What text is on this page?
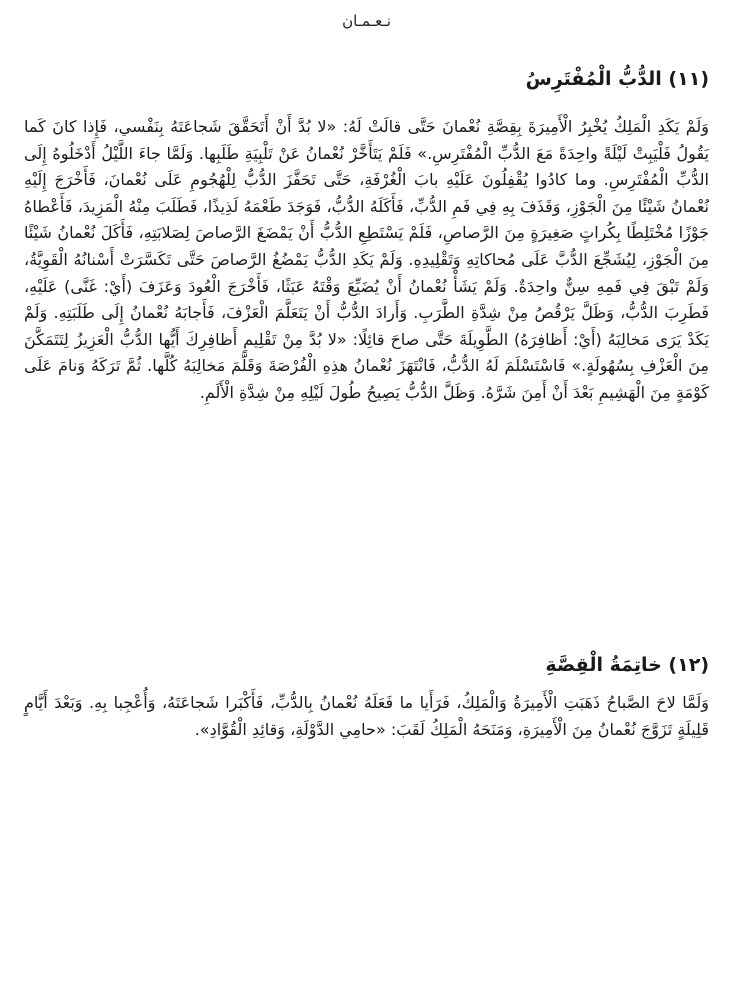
نـعـمـان
(١١) الدُّبُّ الْمُفْتَرِسُ

وَلَمْ يَكَدِ الْمَلِكُ يُخْبِرُ الْأَمِيرَةَ بِقِصَّةِ نُعْمانَ حَتَّى قالَتْ لَهُ: «لا بُدَّ أَنْ أَتَحَقَّقَ شَجاعَتَهُ بِنَفْسي، فَإِذا كانَ كَما يَقُولُ فَلْيَبِتْ لَيْلَةً واحِدَةً مَعَ الدُّبِّ الْمُفْتَرِسِ.» فَلَمْ يَتَأَخَّرْ نُعْمانُ عَنْ تَلْبِيَةِ طَلَبِها. وَلَمَّا جاءَ اللَّيْلُ أَدْخَلُوهُ إِلَى الدُّبِّ الْمُفْتَرِسِ. وما كادُوا يُقْفِلُونَ عَلَيْهِ بابَ الْغُرْفَةِ، حَتَّى تَحَفَّزَ الدُّبُّ لِلْهُجُومِ عَلَى نُعْمانَ، فَأَخْرَجَ إِلَيْهِ نُعْمانُ شَيْئًا مِنَ الْجَوْزِ، وَقَذَفَ بِهِ فِي فَمِ الدُّبِّ، فَأَكَلَهُ الدُّبُّ، فَوَجَدَ طَعْمَهُ لَذِيذًا، فَطَلَبَ مِنْهُ الْمَزِيدَ، فَأَعْطاهُ جَوْزًا مُخْتَلِطًا بِكُراتٍ صَغِيرَةٍ مِنَ الرَّصاصِ، فَلَمْ يَسْتَطِعِ الدُّبُّ أَنْ يَمْضَغَ الرَّصاصَ لِصَلابَتِهِ، فَأَكَلَ نُعْمانُ شَيْئًا مِنَ الْجَوْزِ، لِيُشَجِّعَ الدُّبَّ عَلَى مُحاكاتِهِ وَتَقْلِيدِهِ. وَلَمْ يَكَدِ الدُّبُّ يَمْضُغُ الرَّصاصَ حَتَّى تَكَسَّرَتْ أَسْنانُهُ الْقَوِيَّةُ، وَلَمْ تَبْقَ فِي فَمِهِ سِنٌّ واحِدَةٌ. وَلَمْ يَشَأْ نُعْمانُ أَنْ يُضَيِّعَ وَقْتَهُ عَبَثًا، فَأَخْرَجَ الْعُودَ وَعَزَفَ (أَيْ: غَنَّى) عَلَيْهِ، فَطَرِبَ الدُّبُّ، وَظَلَّ يَرْقُصُ مِنْ شِدَّةِ الطَّرَبِ. وَأَرادَ الدُّبُّ أَنْ يَتَعَلَّمَ الْعَزْفَ، فَأَجابَهُ نُعْمانُ إِلَى طَلَبَتِهِ. وَلَمْ يَكَدْ يَرَى مَخالِبَهُ (أَيْ: أَظافِرَهُ) الطَّوِيلَةَ حَتَّى صاحَ قائِلًا: «لا بُدَّ مِنْ تَقْلِيمِ أَظافِرِكَ أَيُّها الدُّبُّ الْعَزِيزُ لِتَتَمَكَّنَ مِنَ الْعَزْفِ بِسُهُولَةٍ.» فَاسْتَسْلَمَ لَهُ الدُّبُّ، فَانْتَهَزَ نُعْمانُ هذِهِ الْفُرْصَةَ وَقَلَّمَ مَخالِبَهُ كُلَّها. ثُمَّ تَرَكَهُ وَنامَ عَلَى كَوْمَةٍ مِنَ الْهَشِيمِ بَعْدَ أَنْ أَمِنَ شَرَّهُ. وَظَلَّ الدُّبُّ يَصِيحُ طُولَ لَيْلِهِ مِنْ شِدَّةِ الْأَلَمِ.

(١٢) خاتِمَةُ الْقِصَّةِ

وَلَمَّا لاحَ الصَّباحُ ذَهَبَتِ الْأَمِيرَةُ وَالْمَلِكُ، فَرَأَيا ما فَعَلَهُ نُعْمانُ بِالدُّبِّ، فَأَكْبَرا شَجاعَتَهُ، وَأُعْجِبا بِهِ. وَبَعْدَ أَيَّامٍ قَلِيلَةٍ تَزَوَّجَ نُعْمانُ مِنَ الْأَمِيرَةِ، وَمَنَحَهُ الْمَلِكُ لَقَبَ: «حامِي الدَّوْلَةِ، وَقائِدِ الْقُوَّادِ».
